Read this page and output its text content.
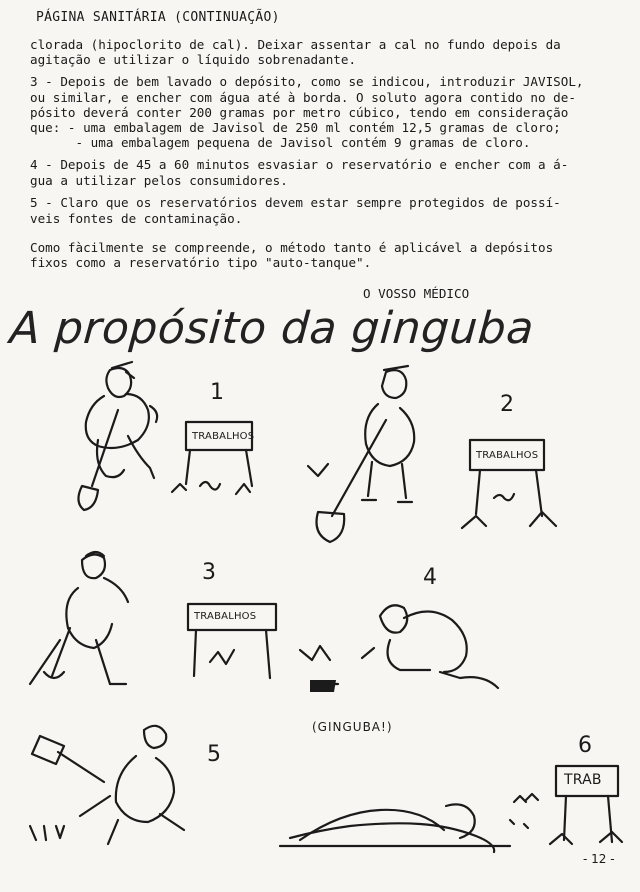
PÁGINA SANITÁRIA (CONTINUAÇÃO)
clorada (hipoclorito de cal). Deixar assentar a cal no fundo depois da
agitação e utilizar o líquido sobrenadante.
3 - Depois de bem lavado o depósito, como se indicou, introduzir JAVISOL,
ou similar, e encher com água até à borda. O soluto agora contido no de-
pósito deverá conter 200 gramas por metro cúbico, tendo em consideração
que: - uma embalagem de Javisol de 250 ml contém 12,5 gramas de cloro;
- uma embalagem pequena de Javisol contém 9 gramas de cloro.
4 - Depois de 45 a 60 minutos esvasiar o reservatório e encher com a á-
gua a utilizar pelos consumidores.
5 - Claro que os reservatórios devem estar sempre protegidos de possí-
veis fontes de contaminação.
Como fàcilmente se compreende, o método tanto é aplicável a depósitos
fixos como a reservatório tipo "auto-tanque".
O VOSSO MÉDICO
A propósito da ginguba
1	2
3	4
5	6
TRABALHOS
TRABALHOS
TRABALHOS
TRAB
(GINGUBA!)
- 12 -
